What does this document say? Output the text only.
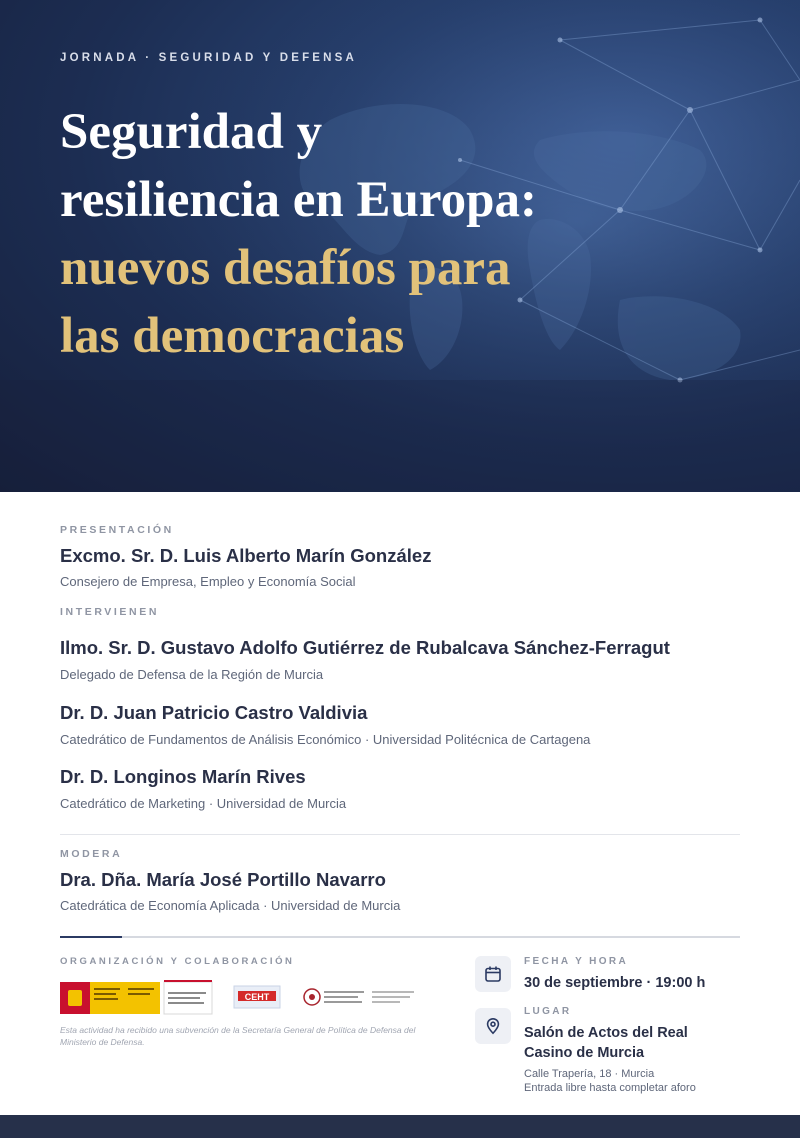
JORNADA · SEGURIDAD Y DEFENSA
Seguridad y
resiliencia en Europa:
nuevos desafíos para
las democracias
PRESENTACIÓN
Excmo. Sr. D. Luis Alberto Marín González
Consejero de Empresa, Empleo y Economía Social
INTERVIENEN
Ilmo. Sr. D. Gustavo Adolfo Gutiérrez de Rubalcava Sánchez-Ferragut
Delegado de Defensa de la Región de Murcia
Dr. D. Juan Patricio Castro Valdivia
Catedrático de Fundamentos de Análisis Económico · Universidad Politécnica de Cartagena
Dr. D. Longinos Marín Rives
Catedrático de Marketing · Universidad de Murcia
MODERA
Dra. Dña. María José Portillo Navarro
Catedrática de Economía Aplicada · Universidad de Murcia
ORGANIZACIÓN Y COLABORACIÓN
CEHT
Esta actividad ha recibido una subvención de la Secretaría General de Política de Defensa del Ministerio de Defensa.
FECHA Y HORA
30 de septiembre · 19:00 h
LUGAR
Salón de Actos del Real
Casino de Murcia
Calle Trapería, 18 · Murcia
Entrada libre hasta completar aforo
